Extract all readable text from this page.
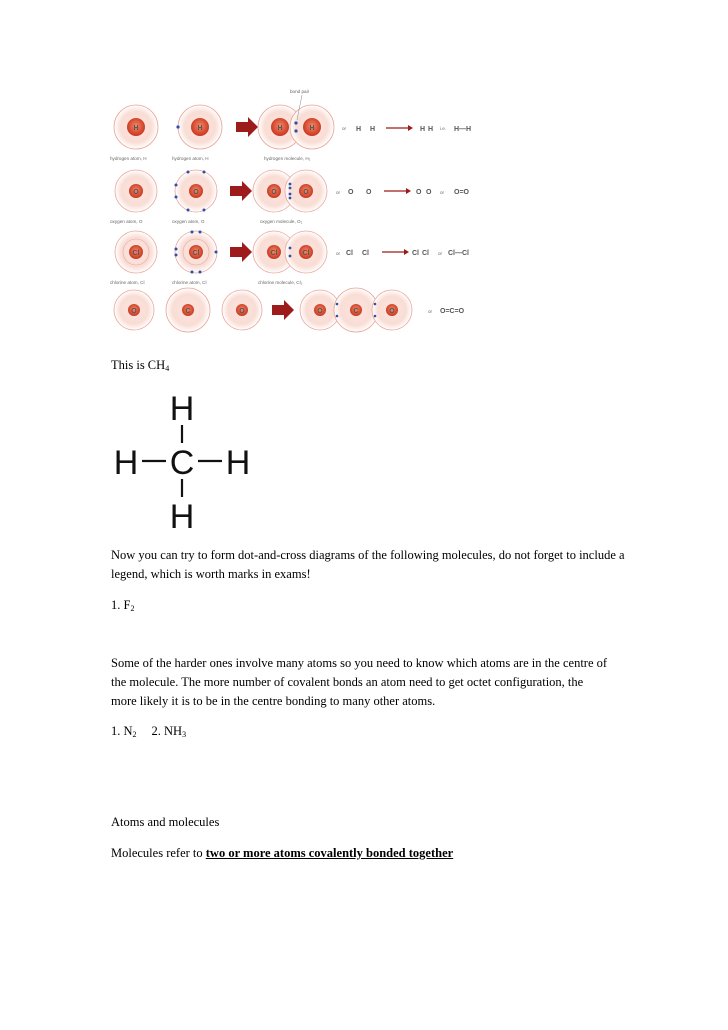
H	H	H	H
bond pair
or H H	H H i.e. H—H
hydrogen atom, H	hydrogen atom, H	hydrogen molecule, H₂
O	O	O	O	or O O	O O or O=O
oxygen atom, O	oxygen atom, O	oxygen molecule, O₂
Cl	Cl	Cl	Cl	or Cl Cl	Cl Cl or Cl—Cl
chlorine atom, Cl	chlorine atom, Cl	chlorine molecule, Cl₂
O	C	O	O	C	O	or O=C=O
This is $CH_4$
H
H C H
H
Now you can try to form dot-and-cross diagrams of the following molecules, do not forget to include a legend, which is worth marks in exams!
1. $F_2$
Some of the harder ones involve many atoms so you need to know which atoms are in the centre of the molecule. The more number of covalent bonds an atom need to get octet configuration, the more likely it is to be in the centre bonding to many other atoms.
1. $N_2$ 2. $NH_3$
Atoms and molecules
Molecules refer to two or more atoms covalently bonded together
